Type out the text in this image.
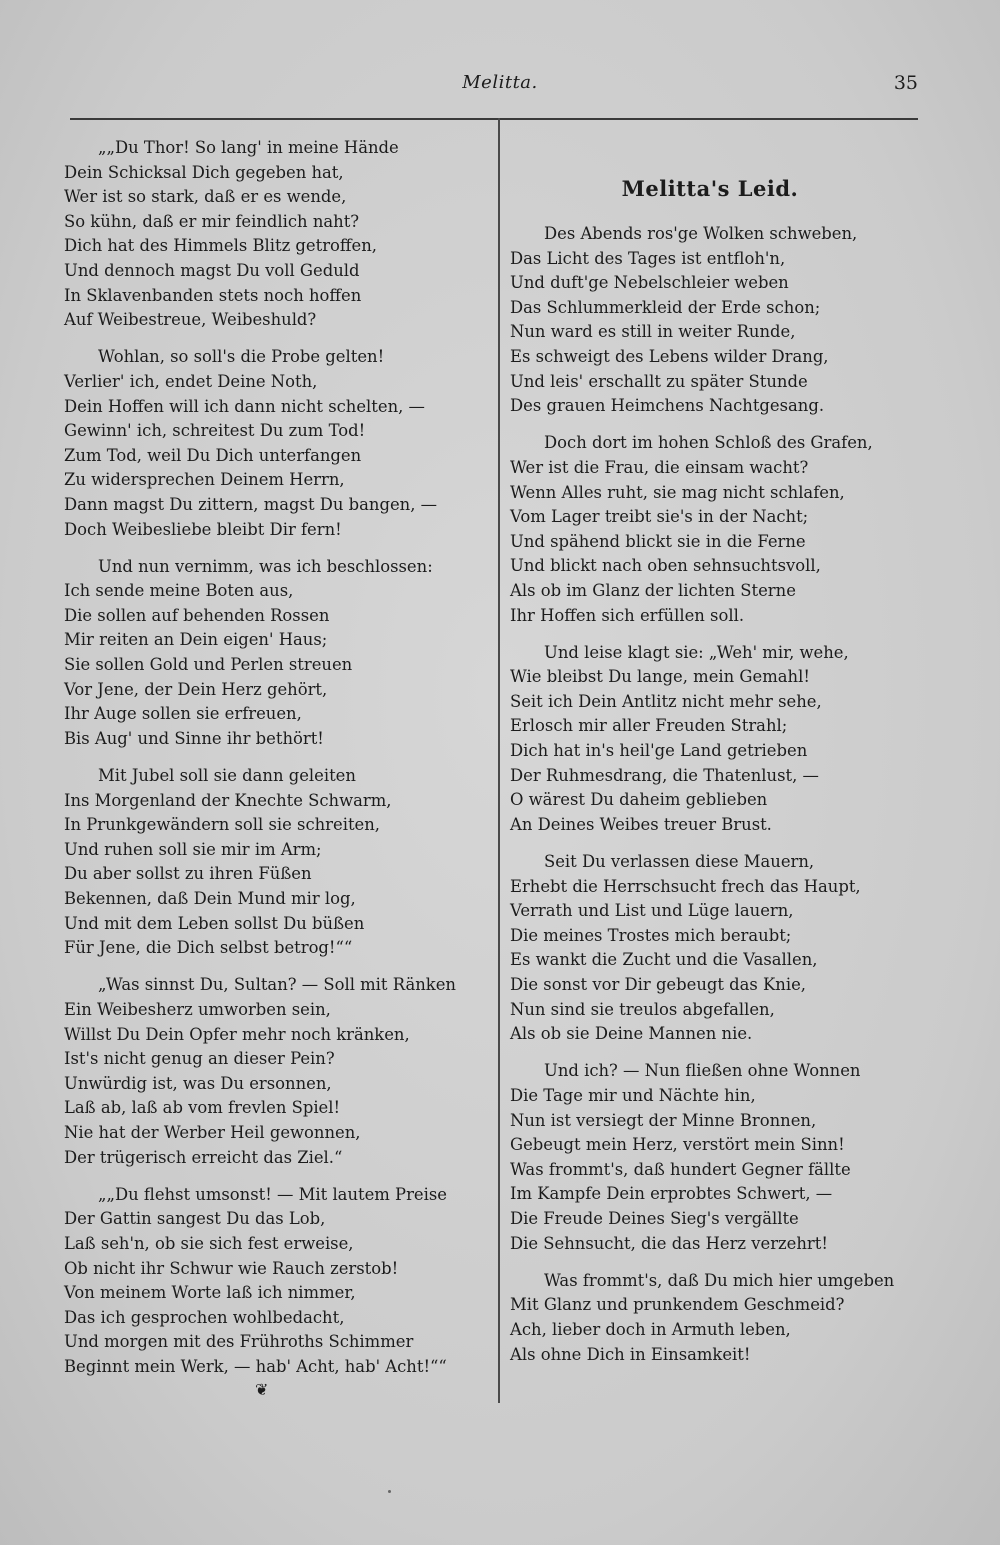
Melitta.	35
„„Du Thor! So lang' in meine Hände
Dein Schicksal Dich gegeben hat,
Wer ist so stark, daß er es wende,
So kühn, daß er mir feindlich naht?
Dich hat des Himmels Blitz getroffen,
Und dennoch magst Du voll Geduld
In Sklavenbanden stets noch hoffen
Auf Weibestreue, Weibeshuld?
Wohlan, so soll's die Probe gelten!
Verlier' ich, endet Deine Noth,
Dein Hoffen will ich dann nicht schelten, —
Gewinn' ich, schreitest Du zum Tod!
Zum Tod, weil Du Dich unterfangen
Zu widersprechen Deinem Herrn,
Dann magst Du zittern, magst Du bangen, —
Doch Weibesliebe bleibt Dir fern!
Und nun vernimm, was ich beschlossen:
Ich sende meine Boten aus,
Die sollen auf behenden Rossen
Mir reiten an Dein eigen' Haus;
Sie sollen Gold und Perlen streuen
Vor Jene, der Dein Herz gehört,
Ihr Auge sollen sie erfreuen,
Bis Aug' und Sinne ihr bethört!
Mit Jubel soll sie dann geleiten
Ins Morgenland der Knechte Schwarm,
In Prunkgewändern soll sie schreiten,
Und ruhen soll sie mir im Arm;
Du aber sollst zu ihren Füßen
Bekennen, daß Dein Mund mir log,
Und mit dem Leben sollst Du büßen
Für Jene, die Dich selbst betrog!““
„Was sinnst Du, Sultan? — Soll mit Ränken
Ein Weibesherz umworben sein,
Willst Du Dein Opfer mehr noch kränken,
Ist's nicht genug an dieser Pein?
Unwürdig ist, was Du ersonnen,
Laß ab, laß ab vom frevlen Spiel!
Nie hat der Werber Heil gewonnen,
Der trügerisch erreicht das Ziel.“
„„Du flehst umsonst! — Mit lautem Preise
Der Gattin sangest Du das Lob,
Laß seh'n, ob sie sich fest erweise,
Ob nicht ihr Schwur wie Rauch zerstob!
Von meinem Worte laß ich nimmer,
Das ich gesprochen wohlbedacht,
Und morgen mit des Frühroths Schimmer
Beginnt mein Werk, — hab' Acht, hab' Acht!““
Melitta's Leid.
Des Abends ros'ge Wolken schweben,
Das Licht des Tages ist entfloh'n,
Und duft'ge Nebelschleier weben
Das Schlummerkleid der Erde schon;
Nun ward es still in weiter Runde,
Es schweigt des Lebens wilder Drang,
Und leis' erschallt zu später Stunde
Des grauen Heimchens Nachtgesang.
Doch dort im hohen Schloß des Grafen,
Wer ist die Frau, die einsam wacht?
Wenn Alles ruht, sie mag nicht schlafen,
Vom Lager treibt sie's in der Nacht;
Und spähend blickt sie in die Ferne
Und blickt nach oben sehnsuchtsvoll,
Als ob im Glanz der lichten Sterne
Ihr Hoffen sich erfüllen soll.
Und leise klagt sie: „Weh' mir, wehe,
Wie bleibst Du lange, mein Gemahl!
Seit ich Dein Antlitz nicht mehr sehe,
Erlosch mir aller Freuden Strahl;
Dich hat in's heil'ge Land getrieben
Der Ruhmesdrang, die Thatenlust, —
O wärest Du daheim geblieben
An Deines Weibes treuer Brust.
Seit Du verlassen diese Mauern,
Erhebt die Herrschsucht frech das Haupt,
Verrath und List und Lüge lauern,
Die meines Trostes mich beraubt;
Es wankt die Zucht und die Vasallen,
Die sonst vor Dir gebeugt das Knie,
Nun sind sie treulos abgefallen,
Als ob sie Deine Mannen nie.
Und ich? — Nun fließen ohne Wonnen
Die Tage mir und Nächte hin,
Nun ist versiegt der Minne Bronnen,
Gebeugt mein Herz, verstört mein Sinn!
Was frommt's, daß hundert Gegner fällte
Im Kampfe Dein erprobtes Schwert, —
Die Freude Deines Sieg's vergällte
Die Sehnsucht, die das Herz verzehrt!
Was frommt's, daß Du mich hier umgeben
Mit Glanz und prunkendem Geschmeid?
Ach, lieber doch in Armuth leben,
Als ohne Dich in Einsamkeit!
❦
